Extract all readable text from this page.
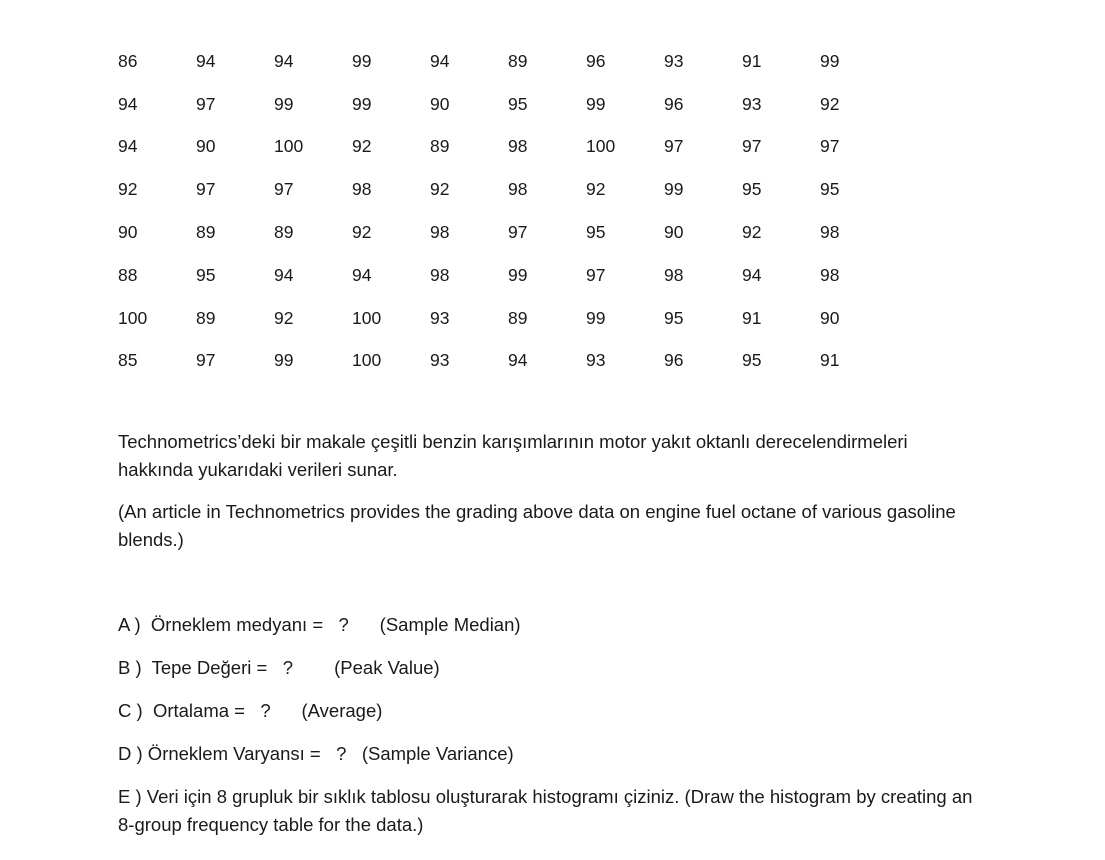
86	94	94	99	94	89	96	93	91	99
94	97	99	99	90	95	99	96	93	92
94	90	100	92	89	98	100	97	97	97
92	97	97	98	92	98	92	99	95	95
90	89	89	92	98	97	95	90	92	98
88	95	94	94	98	99	97	98	94	98
100	89	92	100	93	89	99	95	91	90
85	97	99	100	93	94	93	96	95	91

Technometrics’deki bir makale çeşitli benzin karışımlarının motor yakıt oktanlı derecelendirmeleri hakkında yukarıdaki verileri sunar.

(An article in Technometrics provides the grading above data on engine fuel octane of various gasoline blends.)

A )  Örneklem medyanı =   ?      (Sample Median)

B )  Tepe Değeri =   ?        (Peak Value)

C )  Ortalama =   ?      (Average)

D ) Örneklem Varyansı =   ?   (Sample Variance)

E ) Veri için 8 grupluk bir sıklık tablosu oluşturarak histogramı çiziniz. (Draw the histogram by creating an 8-group frequency table for the data.)
